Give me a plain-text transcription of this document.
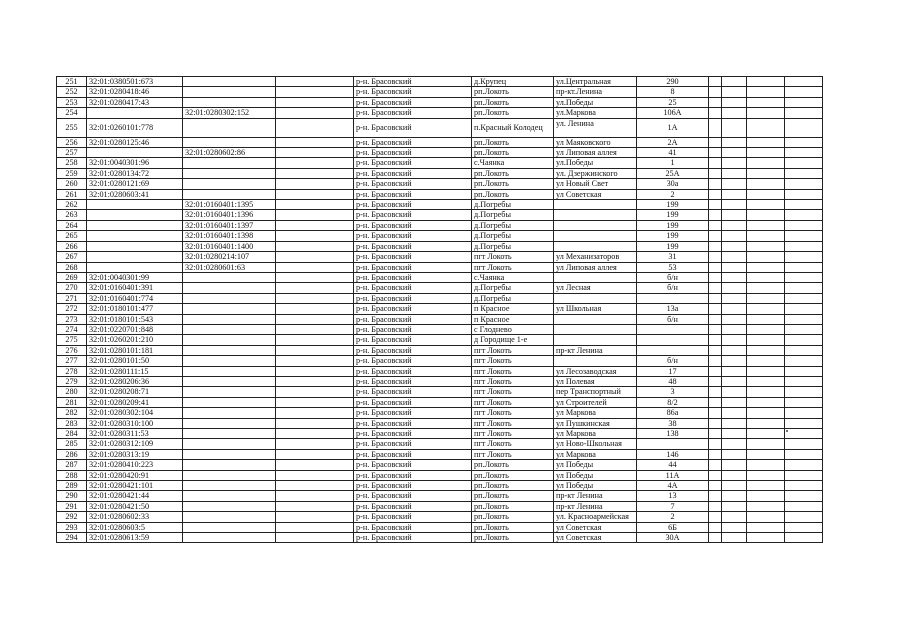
251	32:01:0380501:673			р-н. Брасовский	д.Крупец	ул.Центральная	290				
252	32:01:0280418:46			р-н. Брасовский	рп.Локоть	пр-кт.Ленина	8				
253	32:01:0280417:43			р-н. Брасовский	рп.Локоть	ул.Победы	25				
254		32:01:0280302:152		р-н. Брасовский	рп.Локоть	ул.Маркова	106А				
255	32:01:0260101:778			р-н. Брасовский	п.Красный Колодец	ул. Ленина	1А				
256	32:01:0280125:46			р-н. Брасовский	рп.Локоть	ул Маяковского	2А				
257		32:01:0280602:86		р-н. Брасовский	рп.Локоть	ул Липовая аллея	41				
258	32:01:0040301:96			р-н. Брасовский	с.Чаянка	ул.Победы	1				
259	32:01:0280134:72			р-н. Брасовский	рп.Локоть	ул. Дзержинского	25А				
260	32:01:0280121:69			р-н. Брасовский	рп.Локоть	ул Новый Свет	30а				
261	32:01:0280603:41			р-н. Брасовский	рп.Локоть	ул Советская	2				
262		32:01:0160401:1395		р-н. Брасовский	д.Погребы		199				
263		32:01:0160401:1396		р-н. Брасовский	д.Погребы		199				
264		32:01:0160401:1397		р-н. Брасовский	д.Погребы		199				
265		32:01:0160401:1398		р-н. Брасовский	д.Погребы		199				
266		32:01:0160401:1400		р-н. Брасовский	д.Погребы		199				
267		32:01:0280214:107		р-н. Брасовский	пгт Локоть	ул Механизаторов	31				
268		32:01:0280601:63		р-н. Брасовский	пгт Локоть	ул Липовая аллея	53				
269	32:01:0040301:99			р-н. Брасовский	с.Чаянка		б/н				
270	32:01:0160401:391			р-н. Брасовский	д.Погребы	ул Лесная	б/н				
271	32:01:0160401:774			р-н. Брасовский	д.Погребы						
272	32:01:0180101:477			р-н. Брасовский	п Красное	ул Школьная	13а				
273	32:01:0180101:543			р-н. Брасовский	п Красное		б/н				
274	32:01:0220701:848			р-н. Брасовский	с Глоднево						
275	32:01:0260201:210			р-н. Брасовский	д Городище 1-е						
276	32:01:0280101:181			р-н. Брасовский	пгт Локоть	пр-кт Ленина					
277	32:01:0280101:50			р-н. Брасовский	пгт Локоть		б/н				
278	32:01:0280111:15			р-н. Брасовский	пгт Локоть	ул Лесозаводская	17				
279	32:01:0280206:36			р-н. Брасовский	пгт Локоть	ул Полевая	48				
280	32:01:0280208:71			р-н. Брасовский	пгт Локоть	пер Транспортный	3				
281	32:01:0280209:41			р-н. Брасовский	пгт Локоть	ул Строителей	8/2				
282	32:01:0280302:104			р-н. Брасовский	пгт Локоть	ул Маркова	86а				
283	32:01:0280310:100			р-н. Брасовский	пгт Локоть	ул Пушкинская	38				
284	32:01:0280311:53			р-н. Брасовский	пгт Локоть	ул Маркова	138				
285	32:01:0280312:109			р-н. Брасовский	пгт Локоть	ул Ново-Школьная					
286	32:01:0280313:19			р-н. Брасовский	пгт Локоть	ул Маркова	146				
287	32:01:0280410:223			р-н. Брасовский	рп.Локоть	ул Победы	44				
288	32:01:0280420:91			р-н. Брасовский	рп.Локоть	ул Победы	11А				
289	32:01:0280421:101			р-н. Брасовский	рп.Локоть	ул Победы	4А				
290	32:01:0280421:44			р-н. Брасовский	рп.Локоть	пр-кт Ленина	13				
291	32:01:0280421:50			р-н. Брасовский	рп.Локоть	пр-кт Ленина	7				
292	32:01:0280602:33			р-н. Брасовский	рп.Локоть	ул. Красноармейская	2				
293	32:01:0280603:5			р-н. Брасовский	рп.Локоть	ул Советская	6Б				
294	32:01:0280613:59			р-н. Брасовский	рп.Локоть	ул Советская	30А				
